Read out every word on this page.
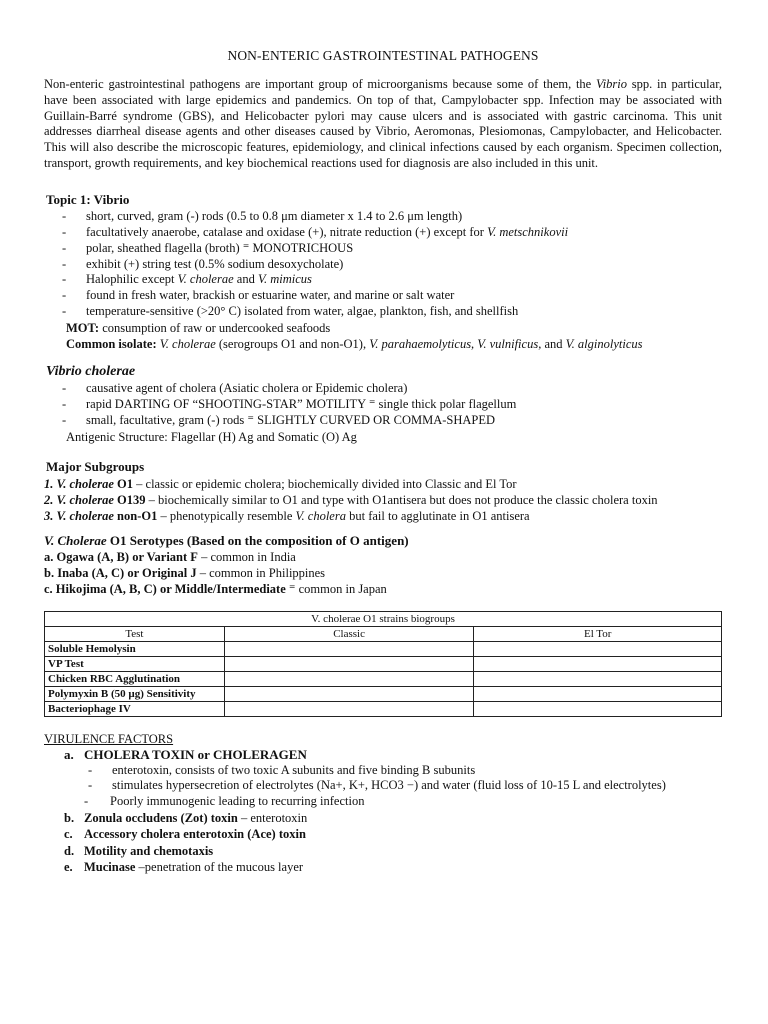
NON-ENTERIC GASTROINTESTINAL PATHOGENS

Non-enteric gastrointestinal pathogens are important group of microorganisms because some of them, the Vibrio spp. in particular, have been associated with large epidemics and pandemics. On top of that, Campylobacter spp. Infection may be associated with Guillain-Barré syndrome (GBS), and Helicobacter pylori may cause ulcers and is associated with gastric carcinoma. This unit addresses diarrheal disease agents and other diseases caused by Vibrio, Aeromonas, Plesiomonas, Campylobacter, and Helicobacter. This will also describe the microscopic features, epidemiology, and clinical infections caused by each organism. Specimen collection, transport, growth requirements, and key biochemical reactions used for diagnosis are also included in this unit.

Topic 1: Vibrio
- short, curved, gram (-) rods (0.5 to 0.8 μm diameter x 1.4 to 2.6 μm length)
- facultatively anaerobe, catalase and oxidase (+), nitrate reduction (+) except for V. metschnikovii
- polar, sheathed flagella (broth) ⁼ MONOTRICHOUS
- exhibit (+) string test (0.5% sodium desoxycholate)
- Halophilic except V. cholerae and V. mimicus
- found in fresh water, brackish or estuarine water, and marine or salt water
- temperature-sensitive (>20° C) isolated from water, algae, plankton, fish, and shellfish
MOT: consumption of raw or undercooked seafoods
Common isolate: V. cholerae (serogroups O1 and non-O1), V. parahaemolyticus, V. vulnificus, and V. alginolyticus
Vibrio cholerae
- causative agent of cholera (Asiatic cholera or Epidemic cholera)
- rapid DARTING OF “SHOOTING-STAR” MOTILITY ⁼ single thick polar flagellum
- small, facultative, gram (-) rods ⁼ SLIGHTLY CURVED OR COMMA-SHAPED
Antigenic Structure: Flagellar (H) Ag and Somatic (O) Ag
Major Subgroups
1. V. cholerae O1 – classic or epidemic cholera; biochemically divided into Classic and El Tor
2. V. cholerae O139 – biochemically similar to O1 and type with O1antisera but does not produce the classic cholera toxin
3. V. cholerae non-O1 – phenotypically resemble V. cholera but fail to agglutinate in O1 antisera
V. Cholerae O1 Serotypes (Based on the composition of O antigen)
a. Ogawa (A, B) or Variant F – common in India
b. Inaba (A, C) or Original J – common in Philippines
c. Hikojima (A, B, C) or Middle/Intermediate ⁼ common in Japan
V. cholerae O1 strains biogroups		
Test	Classic	El Tor
Soluble Hemolysin		
VP Test		
Chicken RBC Agglutination		
Polymyxin B (50 µg) Sensitivity		
Bacteriophage IV		
VIRULENCE FACTORS
a. CHOLERA TOXIN or CHOLERAGEN
- enterotoxin, consists of two toxic A subunits and five binding B subunits
- stimulates hypersecretion of electrolytes (Na+, K+, HCO3 −) and water (fluid loss of 10-15 L and electrolytes)
- Poorly immunogenic leading to recurring infection
b. Zonula occludens (Zot) toxin – enterotoxin
c. Accessory cholera enterotoxin (Ace) toxin
d. Motility and chemotaxis
e. Mucinase –penetration of the mucous layer
